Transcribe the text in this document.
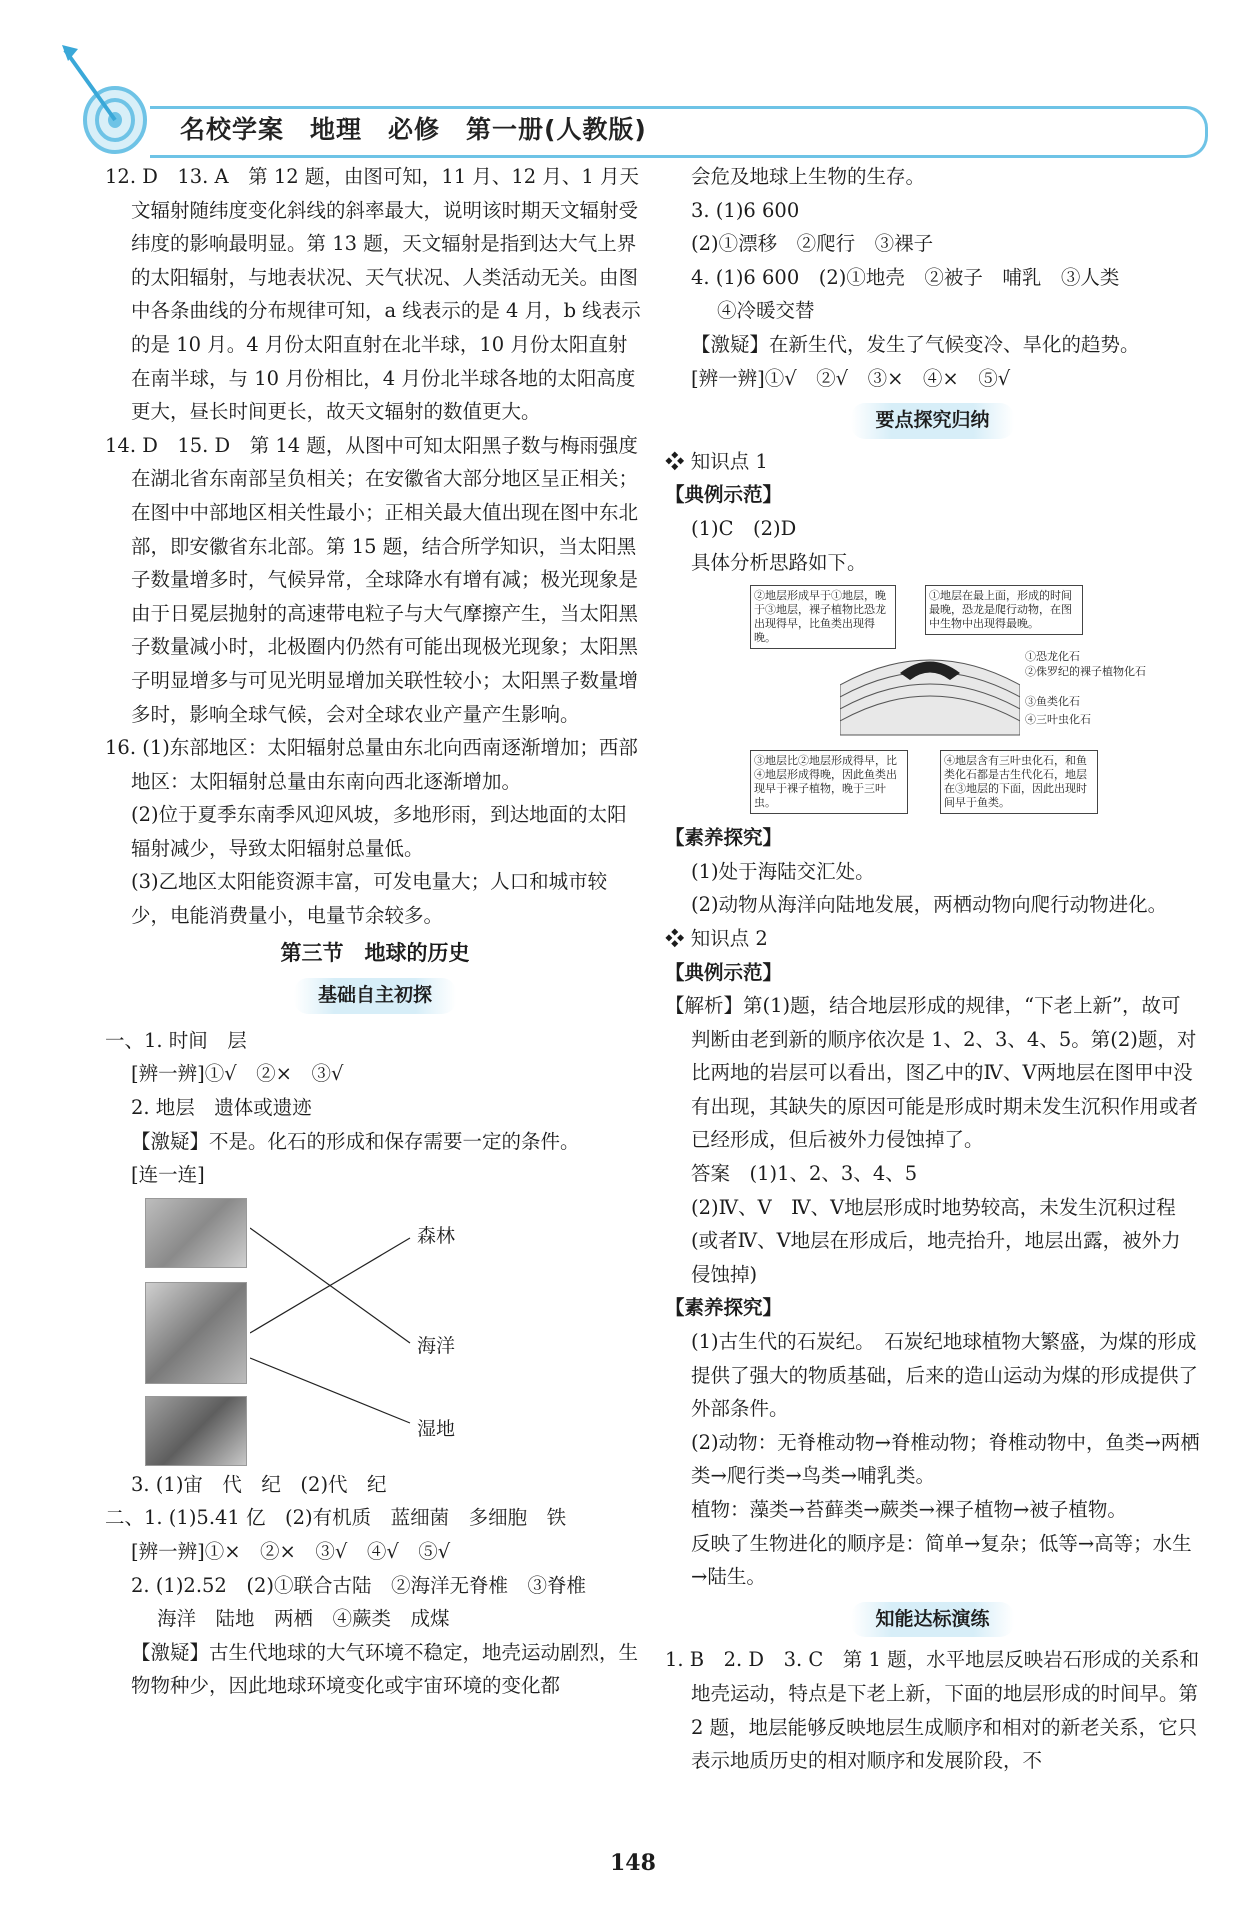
名校学案　地理　必修　第一册(人教版)

12. D　13. A　第 12 题，由图可知，11 月、12 月、1 月天文辐射随纬度变化斜线的斜率最大，说明该时期天文辐射受纬度的影响最明显。第 13 题，天文辐射是指到达大气上界的太阳辐射，与地表状况、天气状况、人类活动无关。由图中各条曲线的分布规律可知，a 线表示的是 4 月，b 线表示的是 10 月。4 月份太阳直射在北半球，10 月份太阳直射在南半球，与 10 月份相比，4 月份北半球各地的太阳高度更大，昼长时间更长，故天文辐射的数值更大。

14. D　15. D　第 14 题，从图中可知太阳黑子数与梅雨强度在湖北省东南部呈负相关；在安徽省大部分地区呈正相关；在图中中部地区相关性最小；正相关最大值出现在图中东北部，即安徽省东北部。第 15 题，结合所学知识，当太阳黑子数量增多时，气候异常，全球降水有增有减；极光现象是由于日冕层抛射的高速带电粒子与大气摩擦产生，当太阳黑子数量减小时，北极圈内仍然有可能出现极光现象；太阳黑子明显增多与可见光明显增加关联性较小；太阳黑子数量增多时，影响全球气候，会对全球农业产量产生影响。

16. (1)东部地区：太阳辐射总量由东北向西南逐渐增加；西部地区：太阳辐射总量由东南向西北逐渐增加。

(2)位于夏季东南季风迎风坡，多地形雨，到达地面的太阳辐射减少，导致太阳辐射总量低。

(3)乙地区太阳能资源丰富，可发电量大；人口和城市较少，电能消费量小，电量节余较多。

第三节　地球的历史
基础自主初探

一、1. 时间　层

[辨一辨]①√　②×　③√

2. 地层　遗体或遗迹

【激疑】不是。化石的形成和保存需要一定的条件。

[连一连]

森林
海洋
湿地

3. (1)宙　代　纪　(2)代　纪

二、1. (1)5.41 亿　(2)有机质　蓝细菌　多细胞　铁

[辨一辨]①×　②×　③√　④√　⑤√

2. (1)2.52　(2)①联合古陆　②海洋无脊椎　③脊椎

海洋　陆地　两栖　④蕨类　成煤

【激疑】古生代地球的大气环境不稳定，地壳运动剧烈，生物物种少，因此地球环境变化或宇宙环境的变化都

会危及地球上生物的生存。

3. (1)6 600

(2)①漂移　②爬行　③裸子

4. (1)6 600　(2)①地壳　②被子　哺乳　③人类

④冷暖交替

【激疑】在新生代，发生了气候变冷、旱化的趋势。

[辨一辨]①√　②√　③×　④×　⑤√

要点探究归纳

❖ 知识点 1

【典例示范】

(1)C　(2)D

具体分析思路如下。

②地层形成早于①地层，晚于③地层，裸子植物比恐龙出现得早，比鱼类出现得晚。
①地层在最上面，形成的时间最晚，恐龙是爬行动物，在图中生物中出现得最晚。
①恐龙化石
②侏罗纪的裸子植物化石
③鱼类化石
④三叶虫化石
③地层比②地层形成得早，比④地层形成得晚，因此鱼类出现早于裸子植物，晚于三叶虫。
④地层含有三叶虫化石，和鱼类化石都是古生代化石，地层在③地层的下面，因此出现时间早于鱼类。

【素养探究】

(1)处于海陆交汇处。

(2)动物从海洋向陆地发展，两栖动物向爬行动物进化。

❖ 知识点 2

【典例示范】

【解析】第(1)题，结合地层形成的规律，“下老上新”，故可判断由老到新的顺序依次是 1、2、3、4、5。第(2)题，对比两地的岩层可以看出，图乙中的Ⅳ、Ⅴ两地层在图甲中没有出现，其缺失的原因可能是形成时期未发生沉积作用或者已经形成，但后被外力侵蚀掉了。

答案　(1)1、2、3、4、5

(2)Ⅳ、Ⅴ　Ⅳ、Ⅴ地层形成时地势较高，未发生沉积过程(或者Ⅳ、Ⅴ地层在形成后，地壳抬升，地层出露，被外力侵蚀掉)

【素养探究】

(1)古生代的石炭纪。　石炭纪地球植物大繁盛，为煤的形成提供了强大的物质基础，后来的造山运动为煤的形成提供了外部条件。

(2)动物：无脊椎动物→脊椎动物；脊椎动物中，鱼类→两栖类→爬行类→鸟类→哺乳类。

植物：藻类→苔藓类→蕨类→裸子植物→被子植物。

反映了生物进化的顺序是：简单→复杂；低等→高等；水生→陆生。

知能达标演练

1. B　2. D　3. C　第 1 题，水平地层反映岩石形成的关系和地壳运动，特点是下老上新，下面的地层形成的时间早。第 2 题，地层能够反映地层生成顺序和相对的新老关系，它只表示地质历史的相对顺序和发展阶段，不

148
